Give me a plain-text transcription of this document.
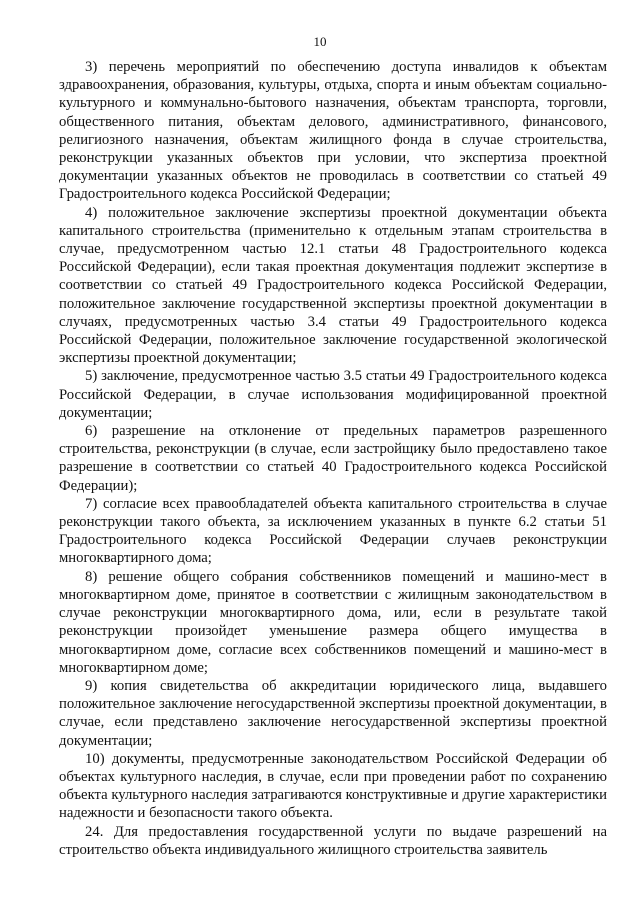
10

3) перечень мероприятий по обеспечению доступа инвалидов к объектам здравоохранения, образования, культуры, отдыха, спорта и иным объектам социально-культурного и коммунально-бытового назначения, объектам транспорта, торговли, общественного питания, объектам делового, административного, финансового, религиозного назначения, объектам жилищного фонда в случае строительства, реконструкции указанных объектов при условии, что экспертиза проектной документации указанных объектов не проводилась в соответствии со статьей 49 Градостроительного кодекса Российской Федерации;

4) положительное заключение экспертизы проектной документации объекта капитального строительства (применительно к отдельным этапам строительства в случае, предусмотренном частью 12.1 статьи 48 Градостроительного кодекса Российской Федерации), если такая проектная документация подлежит экспертизе в соответствии со статьей 49 Градостроительного кодекса Российской Федерации, положительное заключение государственной экспертизы проектной документации в случаях, предусмотренных частью 3.4 статьи 49 Градостроительного кодекса Российской Федерации, положительное заключение государственной экологической экспертизы проектной документации;

5) заключение, предусмотренное частью 3.5 статьи 49 Градостроительного кодекса Российской Федерации, в случае использования модифицированной проектной документации;

6) разрешение на отклонение от предельных параметров разрешенного строительства, реконструкции (в случае, если застройщику было предоставлено такое разрешение в соответствии со статьей 40 Градостроительного кодекса Российской Федерации);

7) согласие всех правообладателей объекта капитального строительства в случае реконструкции такого объекта, за исключением указанных в пункте 6.2 статьи 51 Градостроительного кодекса Российской Федерации случаев реконструкции многоквартирного дома;

8) решение общего собрания собственников помещений и машино-мест в многоквартирном доме, принятое в соответствии с жилищным законодательством в случае реконструкции многоквартирного дома, или, если в результате такой реконструкции произойдет уменьшение размера общего имущества в многоквартирном доме, согласие всех собственников помещений и машино-мест в многоквартирном доме;

9) копия свидетельства об аккредитации юридического лица, выдавшего положительное заключение негосударственной экспертизы проектной документации, в случае, если представлено заключение негосударственной экспертизы проектной документации;

10) документы, предусмотренные законодательством Российской Федерации об объектах культурного наследия, в случае, если при проведении работ по сохранению объекта культурного наследия затрагиваются конструктивные и другие характеристики надежности и безопасности такого объекта.

24. Для предоставления государственной услуги по выдаче разрешений на строительство объекта индивидуального жилищного строительства заявитель
